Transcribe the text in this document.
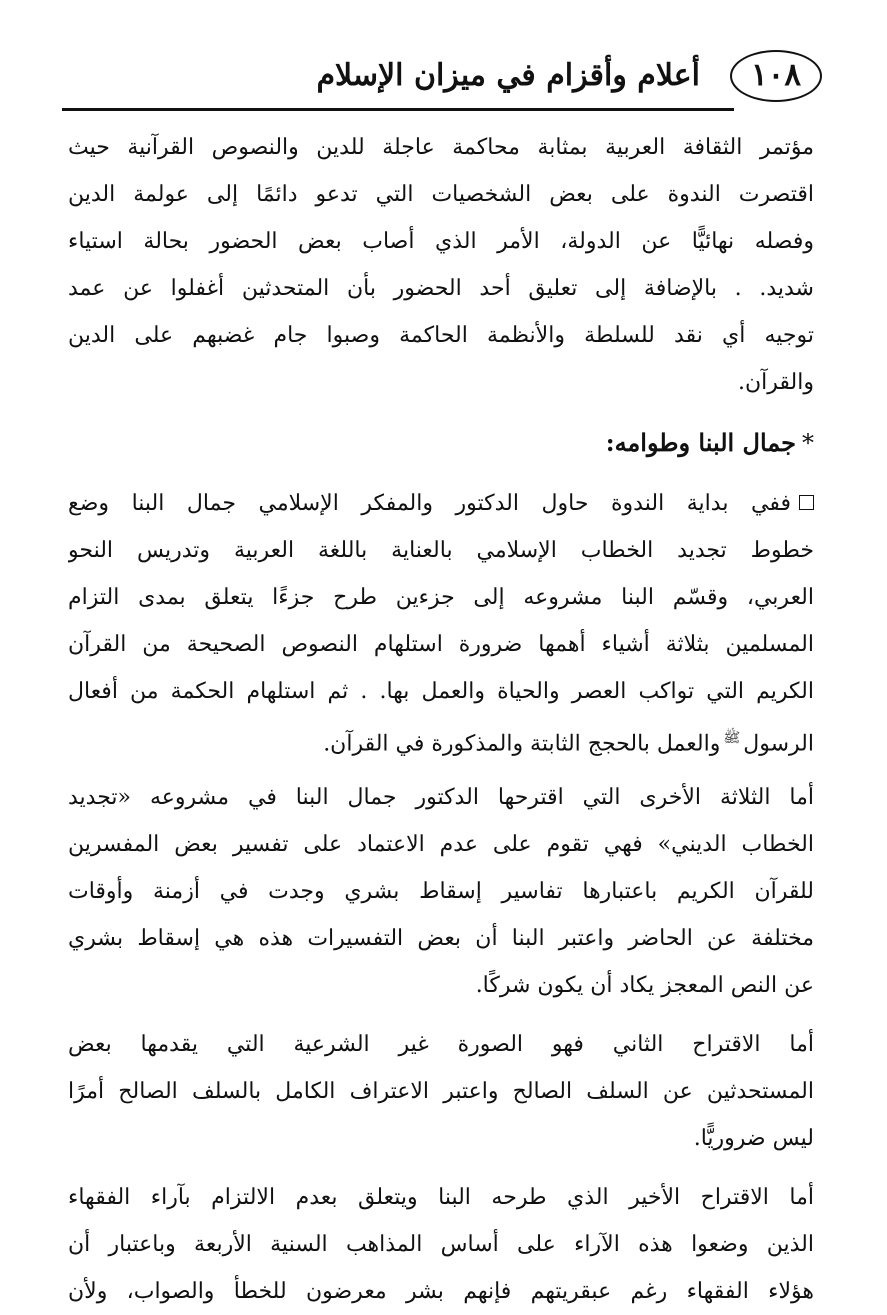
١٠٨
أعلام وأقزام في ميزان الإسلام
مؤتمر الثقافة العربية بمثابة محاكمة عاجلة للدين والنصوص القرآنية حيث
اقتصرت الندوة على بعض الشخصيات التي تدعو دائمًا إلى عولمة الدين
وفصله نهائيًّا عن الدولة، الأمر الذي أصاب بعض الحضور بحالة استياء
شديد. . بالإضافة إلى تعليق أحد الحضور بأن المتحدثين أغفلوا عن عمد
توجيه أي نقد للسلطة والأنظمة الحاكمة وصبوا جام غضبهم على الدين
والقرآن.
*جمال البنا وطوامه:
ففي بداية الندوة حاول الدكتور والمفكر الإسلامي جمال البنا وضع
خطوط تجديد الخطاب الإسلامي بالعناية باللغة العربية وتدريس النحو
العربي، وقسّم البنا مشروعه إلى جزءين طرح جزءًا يتعلق بمدى التزام
المسلمين بثلاثة أشياء أهمها ضرورة استلهام النصوص الصحيحة من القرآن
الكريم التي تواكب العصر والحياة والعمل بها. . ثم استلهام الحكمة من أفعال
الرسول$^ﷺ$والعمل بالحجج الثابتة والمذكورة في القرآن.
أما الثلاثة الأخرى التي اقترحها الدكتور جمال البنا في مشروعه «تجديد
الخطاب الديني» فهي تقوم على عدم الاعتماد على تفسير بعض المفسرين
للقرآن الكريم باعتبارها تفاسير إسقاط بشري وجدت في أزمنة وأوقات
مختلفة عن الحاضر واعتبر البنا أن بعض التفسيرات هذه هي إسقاط بشري
عن النص المعجز يكاد أن يكون شركًا.
أما الاقتراح الثاني فهو الصورة غير الشرعية التي يقدمها بعض
المستحدثين عن السلف الصالح واعتبر الاعتراف الكامل بالسلف الصالح أمرًا
ليس ضروريًّا.
أما الاقتراح الأخير الذي طرحه البنا ويتعلق بعدم الالتزام بآراء الفقهاء
الذين وضعوا هذه الآراء على أساس المذاهب السنية الأربعة وباعتبار أن
هؤلاء الفقهاء رغم عبقريتهم فإنهم بشر معرضون للخطأ والصواب، ولأن
